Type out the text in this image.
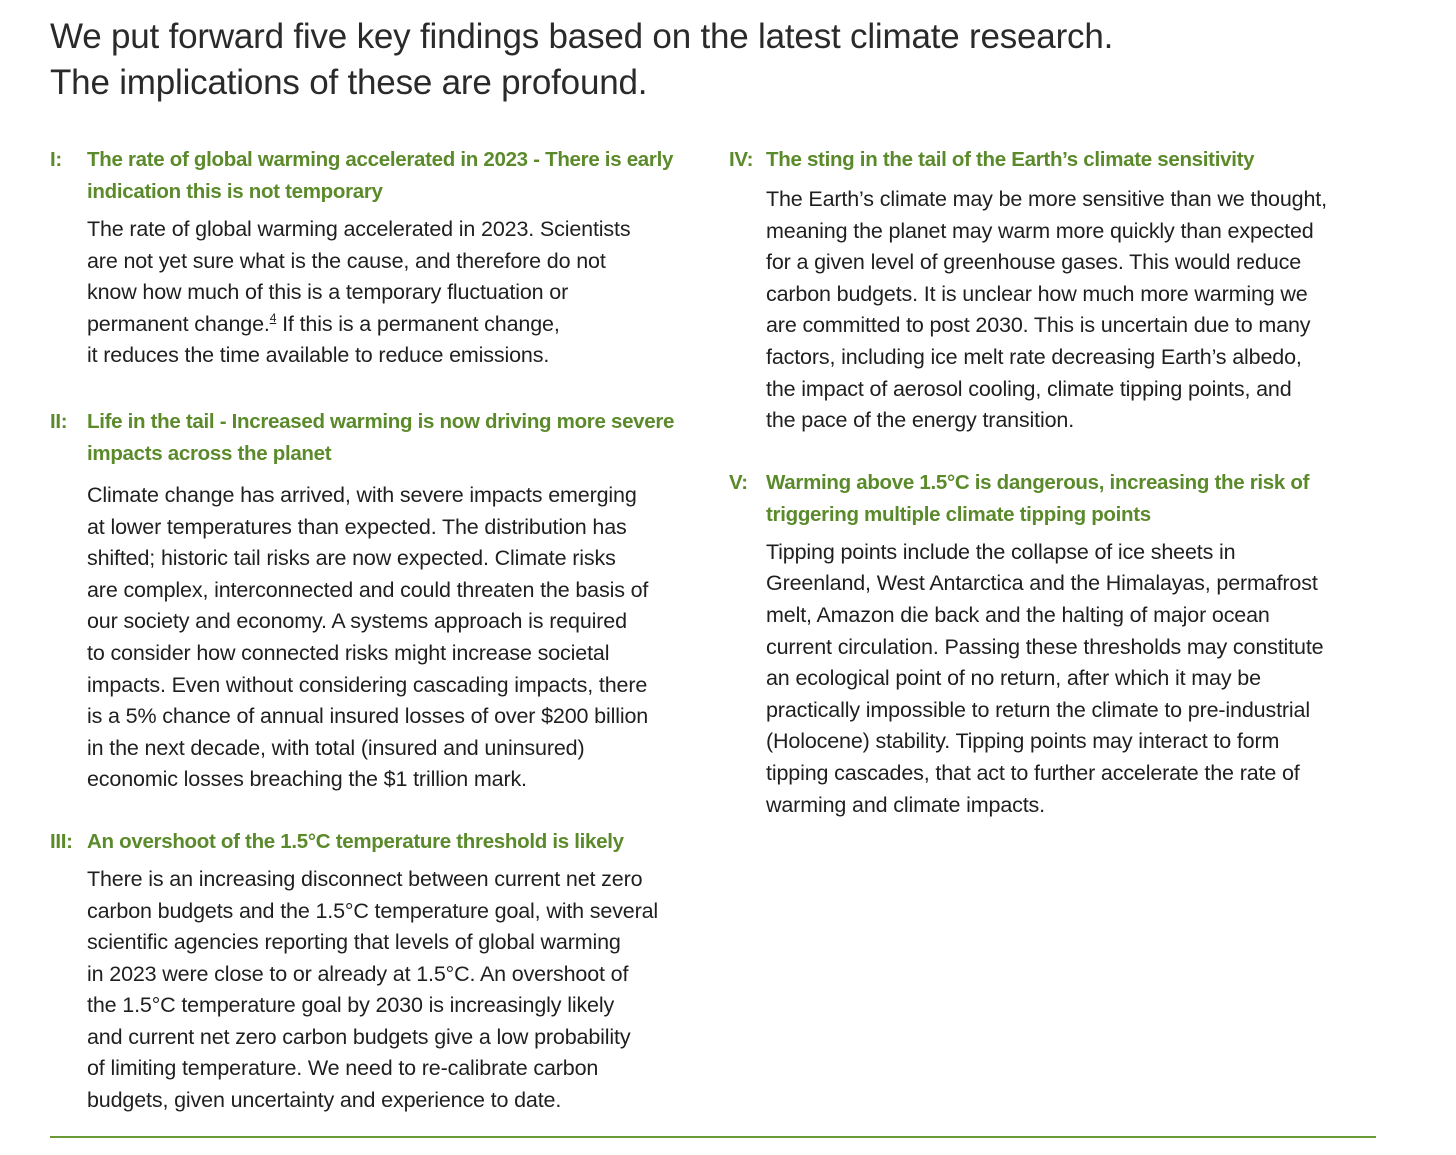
We put forward five key findings based on the latest climate research.
The implications of these are profound.
I:	The rate of global warming accelerated in 2023 - There is early indication this is not temporary
The rate of global warming accelerated in 2023. Scientists
are not yet sure what is the cause, and therefore do not
know how much of this is a temporary fluctuation or
permanent change.$^4$ If this is a permanent change,
it reduces the time available to reduce emissions.
II: Life in the tail - Increased warming is now driving more severe impacts across the planet
Climate change has arrived, with severe impacts emerging
at lower temperatures than expected. The distribution has
shifted; historic tail risks are now expected. Climate risks
are complex, interconnected and could threaten the basis of
our society and economy. A systems approach is required
to consider how connected risks might increase societal
impacts. Even without considering cascading impacts, there
is a 5% chance of annual insured losses of over $200 billion
in the next decade, with total (insured and uninsured)
economic losses breaching the $1 trillion mark.
III: An overshoot of the 1.5°C temperature threshold is likely
There is an increasing disconnect between current net zero
carbon budgets and the 1.5°C temperature goal, with several
scientific agencies reporting that levels of global warming
in 2023 were close to or already at 1.5°C. An overshoot of
the 1.5°C temperature goal by 2030 is increasingly likely
and current net zero carbon budgets give a low probability
of limiting temperature. We need to re-calibrate carbon
budgets, given uncertainty and experience to date.
IV: The sting in the tail of the Earth’s climate sensitivity
The Earth’s climate may be more sensitive than we thought,
meaning the planet may warm more quickly than expected
for a given level of greenhouse gases. This would reduce
carbon budgets. It is unclear how much more warming we
are committed to post 2030. This is uncertain due to many
factors, including ice melt rate decreasing Earth’s albedo,
the impact of aerosol cooling, climate tipping points, and
the pace of the energy transition.
V: Warming above 1.5°C is dangerous, increasing the risk of triggering multiple climate tipping points
Tipping points include the collapse of ice sheets in
Greenland, West Antarctica and the Himalayas, permafrost
melt, Amazon die back and the halting of major ocean
current circulation. Passing these thresholds may constitute
an ecological point of no return, after which it may be
practically impossible to return the climate to pre-industrial
(Holocene) stability. Tipping points may interact to form
tipping cascades, that act to further accelerate the rate of
warming and climate impacts.
